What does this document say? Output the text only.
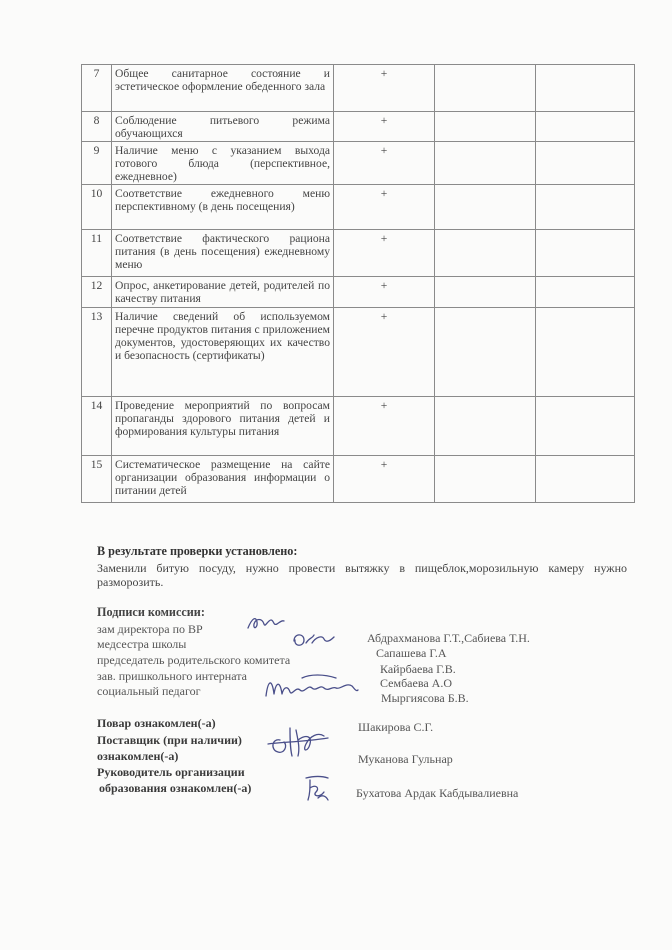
7	Общее санитарное состояние и эстетическое оформление обеденного зала	+		
8	Соблюдение питьевого режима обучающихся	+		
9	Наличие меню с указанием выхода готового блюда (перспективное, ежедневное)	+		
10	Соответствие ежедневного меню перспективному (в день посещения)	+		
11	Соответствие фактического рациона питания (в день посещения) ежедневному меню	+		
12	Опрос, анкетирование детей, родителей по качеству питания	+		
13	Наличие сведений об используемом перечне продуктов питания с приложением документов, удостоверяющих их качество и безопасность (сертификаты)	+		
14	Проведение мероприятий по вопросам пропаганды здорового питания детей и формирования культуры питания	+		
15	Систематическое размещение на сайте организации образования информации о питании детей	+		
В результате проверки установлено:
Заменили битую посуду, нужно провести вытяжку в пищеблок,морозильную камеру нужно разморозить.
Подписи комиссии:
зам директора по ВР
медсестра школы
председатель родительского комитета
зав. пришкольного интерната
социальный педагог
Абдрахманова Г.Т.,Сабиева Т.Н.
Сапашева Г.А
Кайрбаева Г.В.
Сембаева А.О
Мыргиясова Б.В.
Повар ознакомлен(-а)	Шакирова С.Г.
Поставщик (при наличии)
ознакомлен(-а)	Муканова Гульнар
Руководитель организации
образования ознакомлен(-а)	Бухатова Ардак Кабдывалиевна
